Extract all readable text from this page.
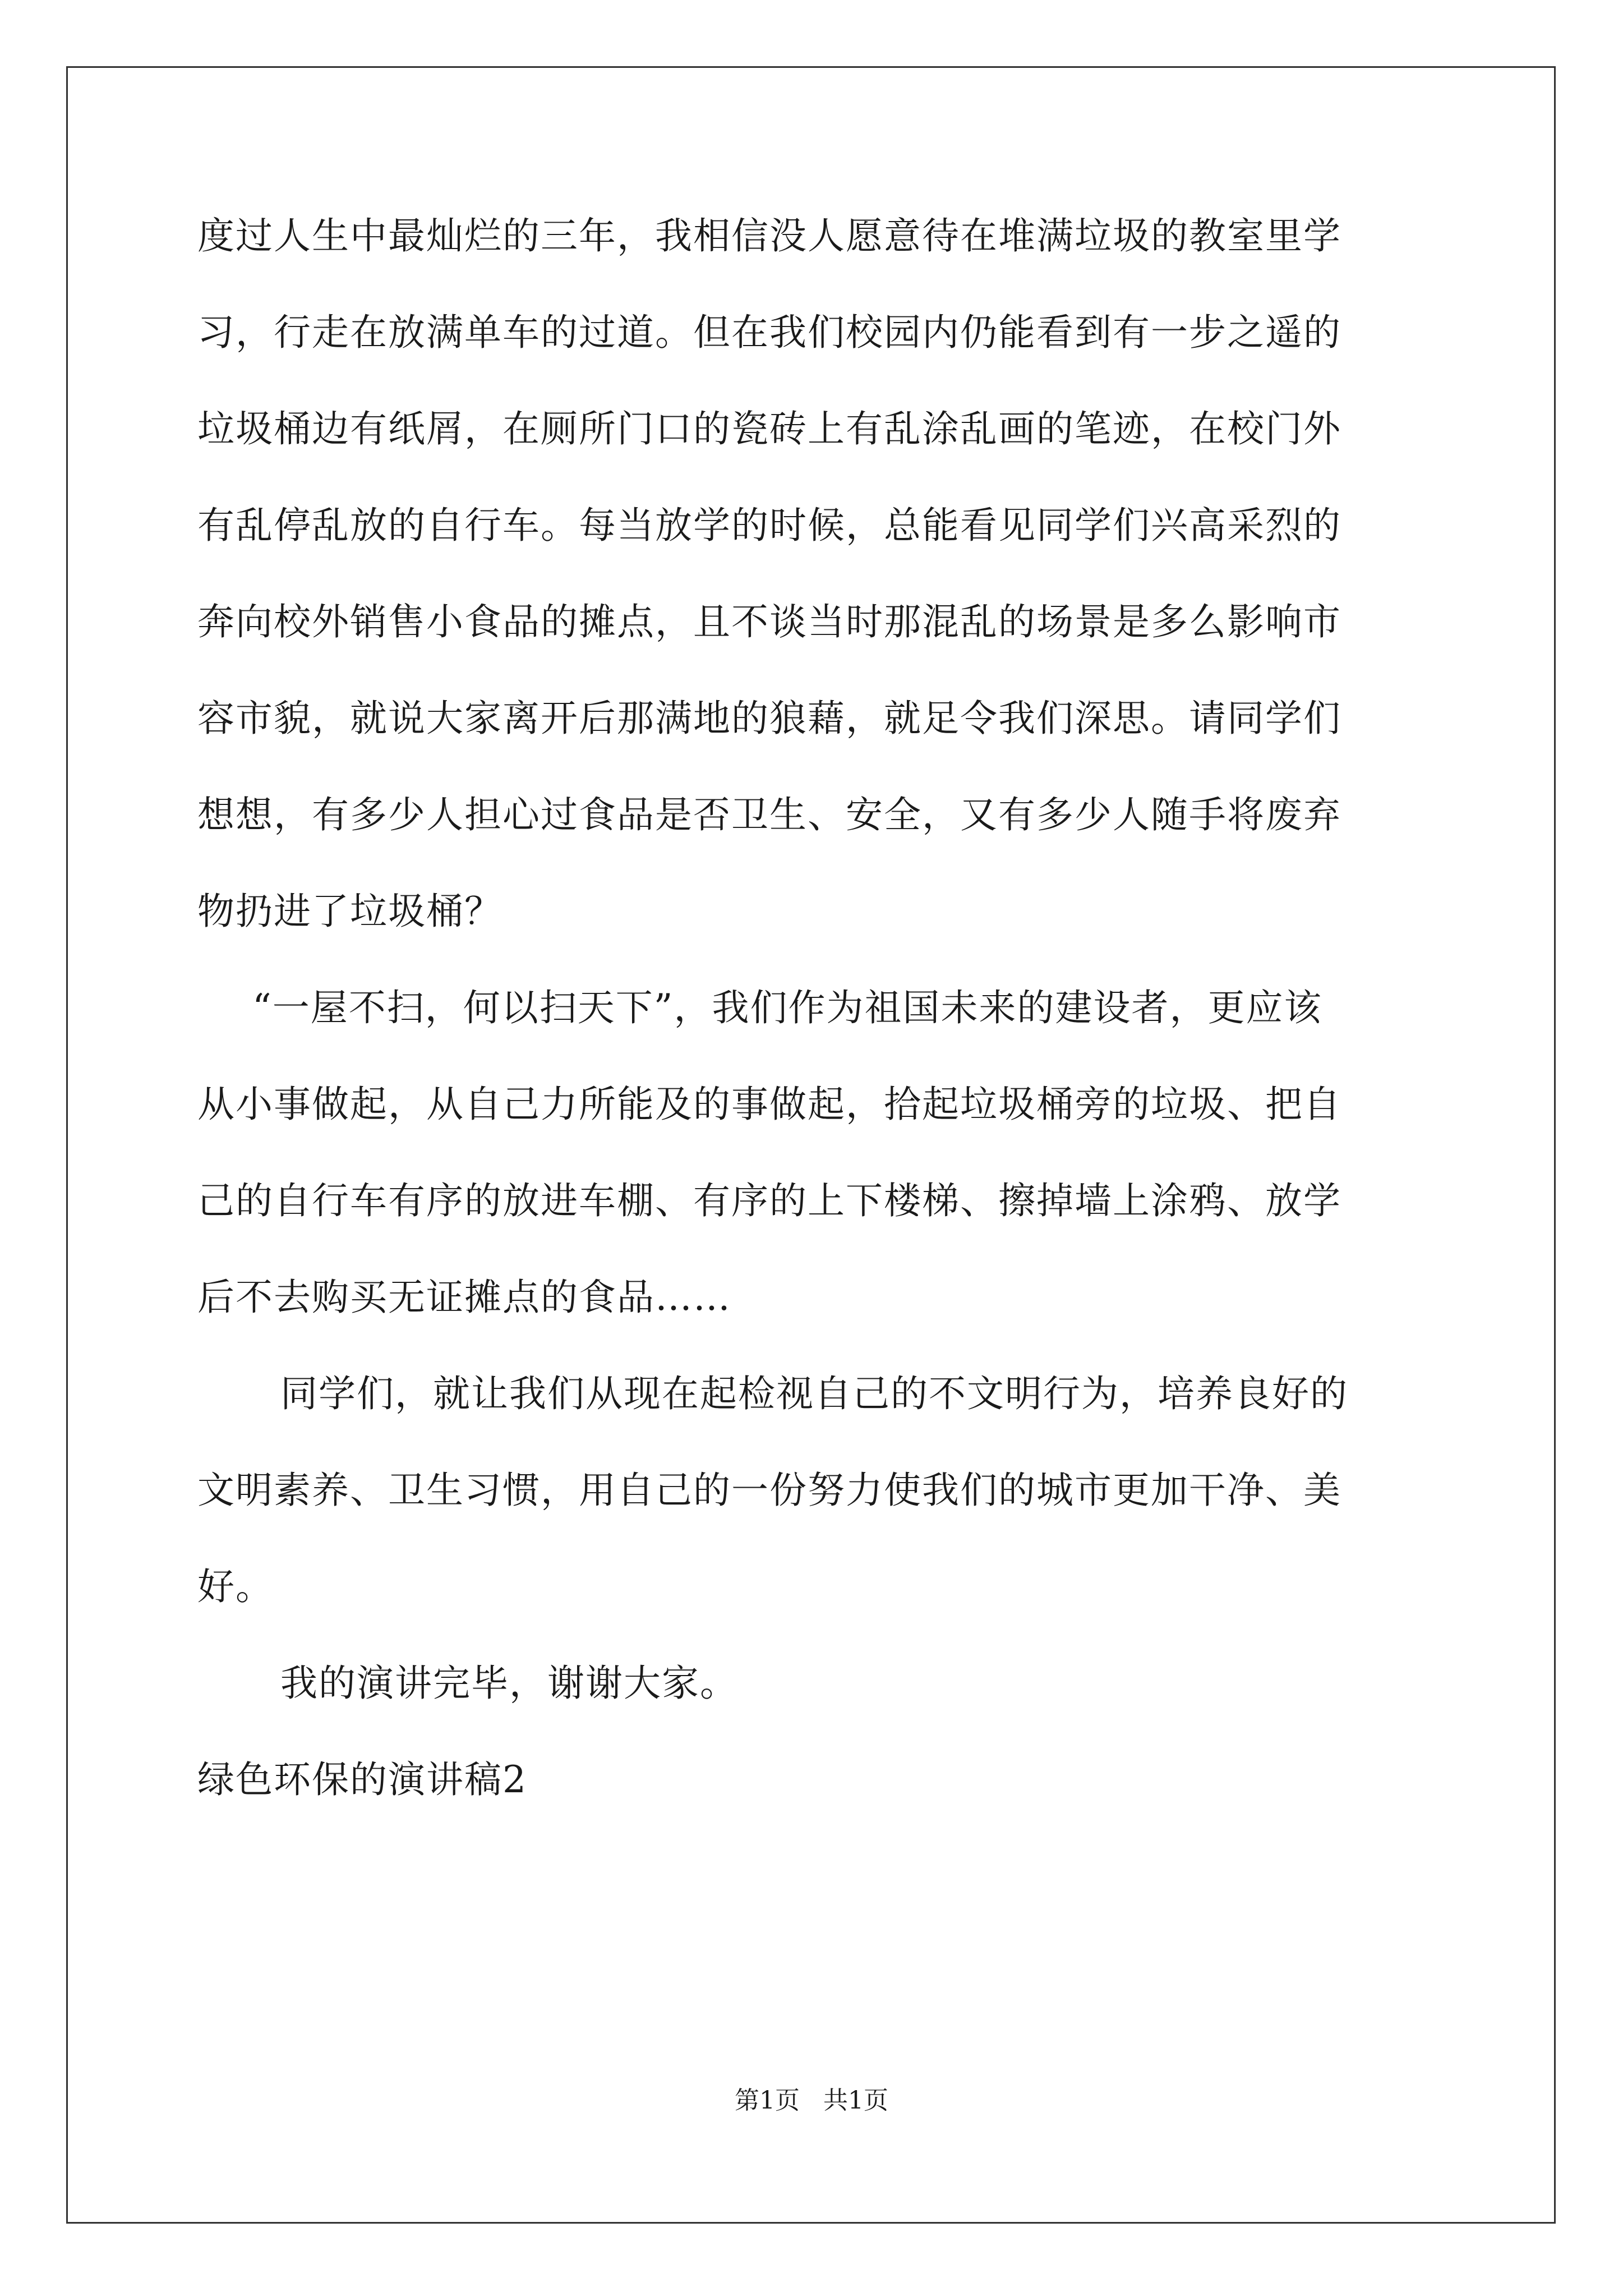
度过人生中最灿烂的三年，我相信没人愿意待在堆满垃圾的教室里学
习，行走在放满单车的过道。但在我们校园内仍能看到有一步之遥的
垃圾桶边有纸屑，在厕所门口的瓷砖上有乱涂乱画的笔迹，在校门外
有乱停乱放的自行车。每当放学的时候，总能看见同学们兴高采烈的
奔向校外销售小食品的摊点，且不谈当时那混乱的场景是多么影响市
容市貌，就说大家离开后那满地的狼藉，就足令我们深思。请同学们
想想，有多少人担心过食品是否卫生、安全，又有多少人随手将废弃
物扔进了垃圾桶？
“一屋不扫，何以扫天下”，我们作为祖国未来的建设者，更应该
从小事做起，从自己力所能及的事做起，拾起垃圾桶旁的垃圾、把自
己的自行车有序的放进车棚、有序的上下楼梯、擦掉墙上涂鸦、放学
后不去购买无证摊点的食品……
同学们，就让我们从现在起检视自己的不文明行为，培养良好的
文明素养、卫生习惯，用自己的一份努力使我们的城市更加干净、美
好。
我的演讲完毕，谢谢大家。
绿色环保的演讲稿2
第1页 共1页
